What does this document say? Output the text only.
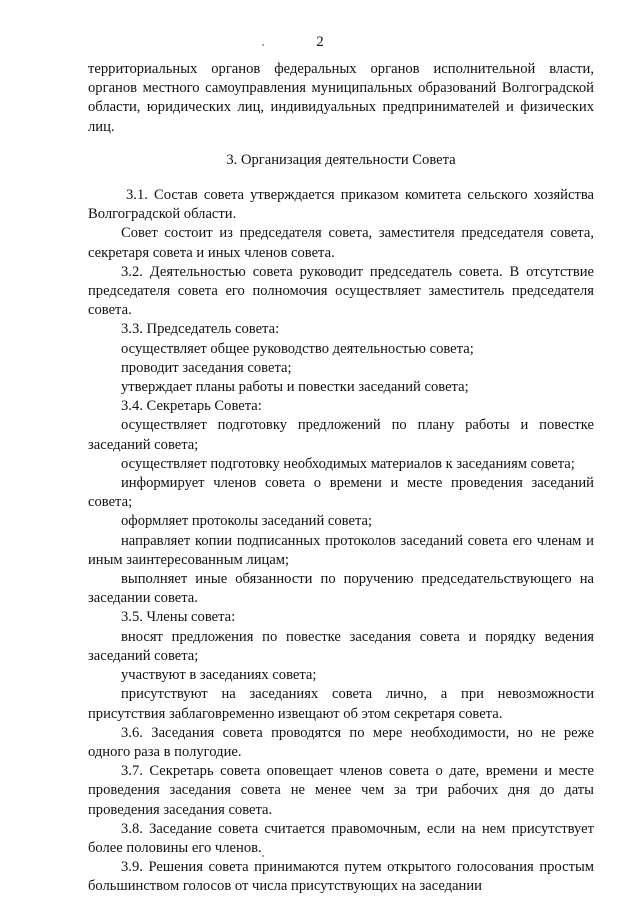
2

территориальных органов федеральных органов исполнительной власти, органов местного самоуправления муниципальных образований Волгоградской области, юридических лиц, индивидуальных предпринимателей и физических лиц.

3. Организация деятельности Совета

3.1. Состав совета утверждается приказом комитета сельского хозяйства Волгоградской области.

Совет состоит из председателя совета, заместителя председателя совета, секретаря совета и иных членов совета.

3.2. Деятельностью совета руководит председатель совета. В отсутствие председателя совета его полномочия осуществляет заместитель председателя совета.

3.3. Председатель совета:

осуществляет общее руководство деятельностью совета;

проводит заседания совета;

утверждает планы работы и повестки заседаний совета;

3.4. Секретарь Совета:

осуществляет подготовку предложений по плану работы и повестке заседаний совета;

осуществляет подготовку необходимых материалов к заседаниям совета;

информирует членов совета о времени и месте проведения заседаний совета;

оформляет протоколы заседаний совета;

направляет копии подписанных протоколов заседаний совета его членам и иным заинтересованным лицам;

выполняет иные обязанности по поручению председательствующего на заседании совета.

3.5. Члены совета:

вносят предложения по повестке заседания совета и порядку ведения заседаний совета;

участвуют в заседаниях совета;

присутствуют на заседаниях совета лично, а при невозможности присутствия заблаговременно извещают об этом секретаря совета.

3.6. Заседания совета проводятся по мере необходимости, но не реже одного раза в полугодие.

3.7. Секретарь совета оповещает членов совета о дате, времени и месте проведения заседания совета не менее чем за три рабочих дня до даты проведения заседания совета.

3.8. Заседание совета считается правомочным, если на нем присутствует более половины его членов.

3.9. Решения совета принимаются путем открытого голосования простым большинством голосов от числа присутствующих на заседании
